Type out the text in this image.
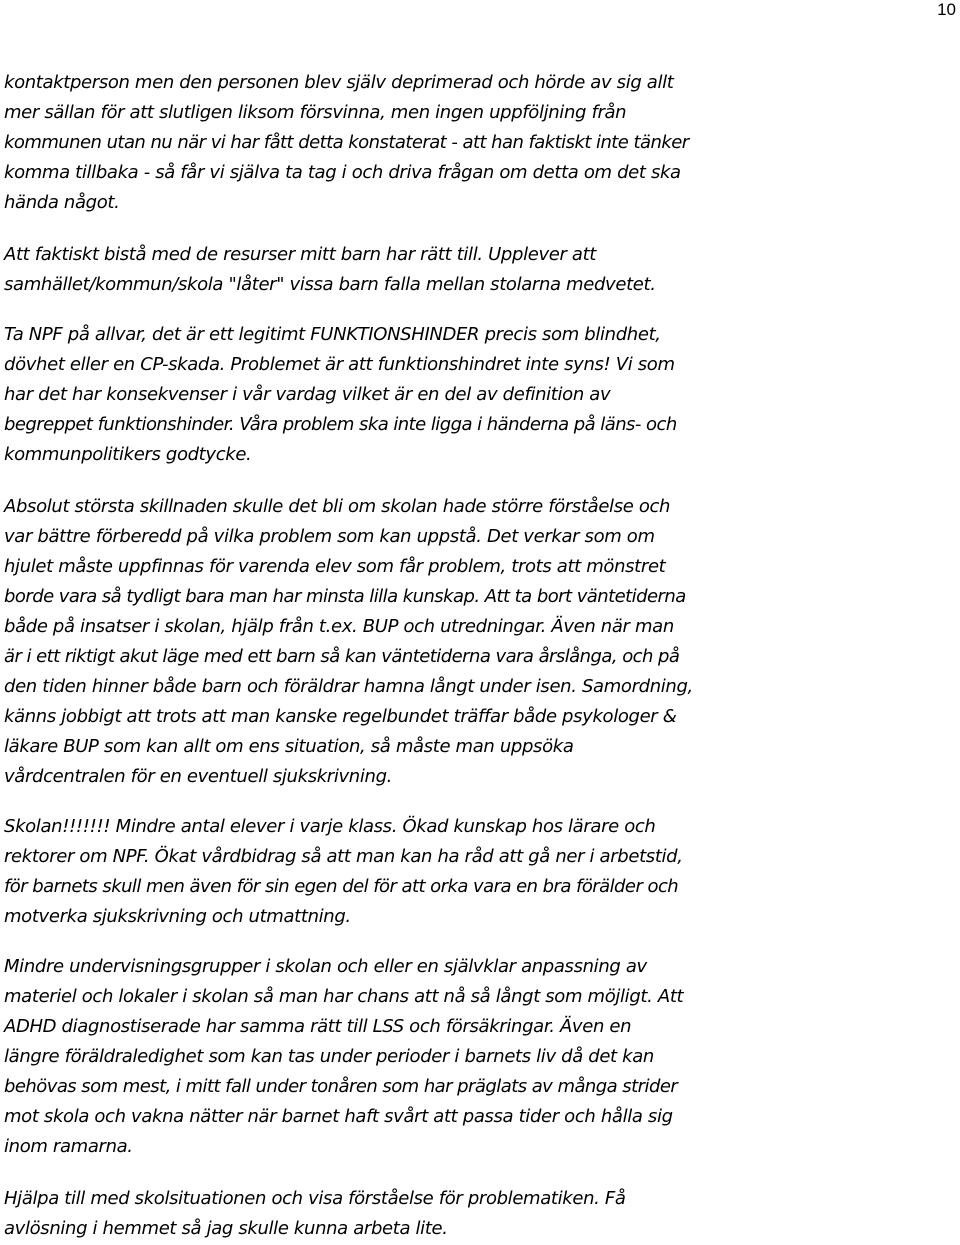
10

kontaktperson men den personen blev själv deprimerad och hörde av sig allt
mer sällan för att slutligen liksom försvinna, men ingen uppföljning från
kommunen utan nu när vi har fått detta konstaterat - att han faktiskt inte tänker
komma tillbaka - så får vi själva ta tag i och driva frågan om detta om det ska
hända något.

Att faktiskt bistå med de resurser mitt barn har rätt till. Upplever att
samhället/kommun/skola "låter" vissa barn falla mellan stolarna medvetet.

Ta NPF på allvar, det är ett legitimt FUNKTIONSHINDER precis som blindhet,
dövhet eller en CP-skada. Problemet är att funktionshindret inte syns! Vi som
har det har konsekvenser i vår vardag vilket är en del av definition av
begreppet funktionshinder. Våra problem ska inte ligga i händerna på läns- och
kommunpolitikers godtycke.

Absolut största skillnaden skulle det bli om skolan hade större förståelse och
var bättre förberedd på vilka problem som kan uppstå. Det verkar som om
hjulet måste uppfinnas för varenda elev som får problem, trots att mönstret
borde vara så tydligt bara man har minsta lilla kunskap. Att ta bort väntetiderna
både på insatser i skolan, hjälp från t.ex. BUP och utredningar. Även när man
är i ett riktigt akut läge med ett barn så kan väntetiderna vara årslånga, och på
den tiden hinner både barn och föräldrar hamna långt under isen. Samordning,
känns jobbigt att trots att man kanske regelbundet träffar både psykologer &
läkare BUP som kan allt om ens situation, så måste man uppsöka
vårdcentralen för en eventuell sjukskrivning.

Skolan!!!!!!! Mindre antal elever i varje klass. Ökad kunskap hos lärare och
rektorer om NPF. Ökat vårdbidrag så att man kan ha råd att gå ner i arbetstid,
för barnets skull men även för sin egen del för att orka vara en bra förälder och
motverka sjukskrivning och utmattning.

Mindre undervisningsgrupper i skolan och eller en självklar anpassning av
materiel och lokaler i skolan så man har chans att nå så långt som möjligt. Att
ADHD diagnostiserade har samma rätt till LSS och försäkringar. Även en
längre föräldraledighet som kan tas under perioder i barnets liv då det kan
behövas som mest, i mitt fall under tonåren som har präglats av många strider
mot skola och vakna nätter när barnet haft svårt att passa tider och hålla sig
inom ramarna.

Hjälpa till med skolsituationen och visa förståelse för problematiken. Få
avlösning i hemmet så jag skulle kunna arbeta lite.
